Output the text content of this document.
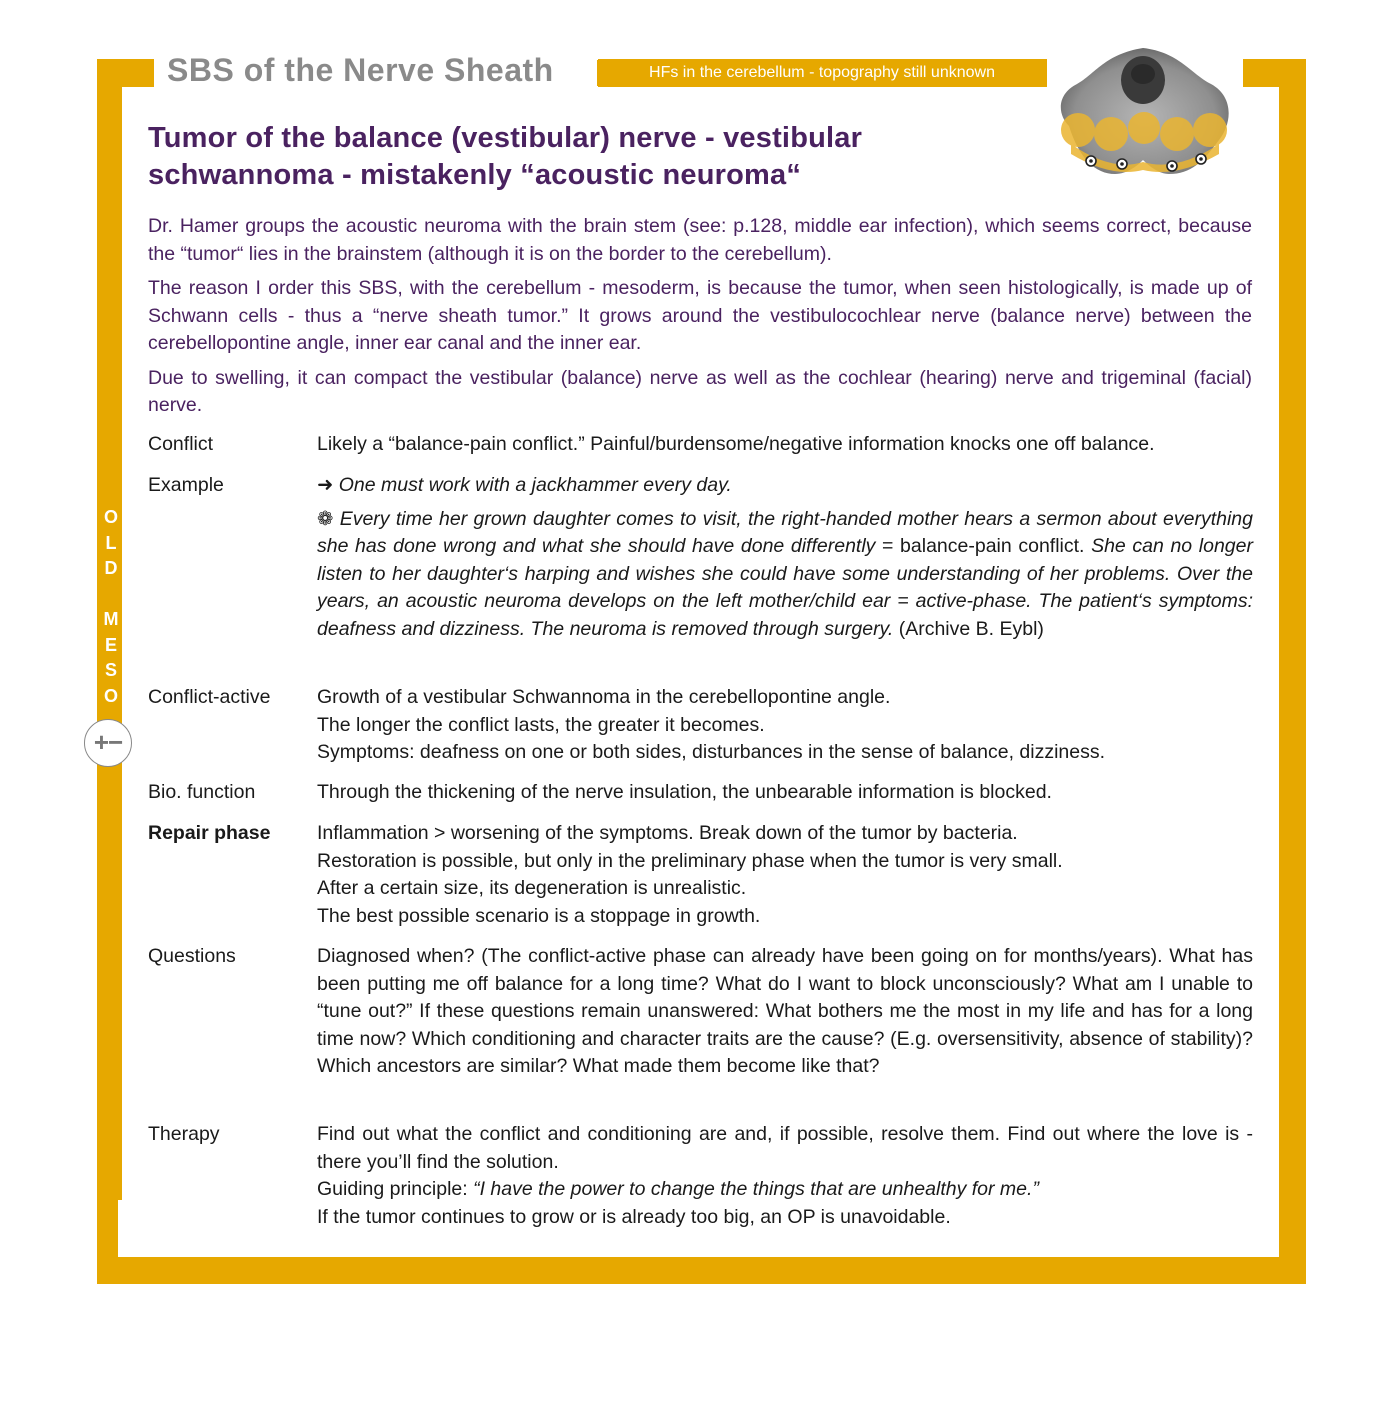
SBS of the Nerve Sheath	HFs in the cerebellum - topography still unknown
O
L
D

M
E
S
O
+−
Tumor of the balance (vestibular) nerve - vestibular schwannoma - mistakenly “acoustic neuroma“

Dr. Hamer groups the acoustic neuroma with the brain stem (see: p.128, middle ear infection), which seems correct, because the “tumor“ lies in the brainstem (although it is on the border to the cerebellum).

The reason I order this SBS, with the cerebellum - mesoderm, is because the tumor, when seen histologically, is made up of Schwann cells - thus a “nerve sheath tumor.” It grows around the vestibulocochlear nerve (balance nerve) between the cerebellopontine angle, inner ear canal and the inner ear.

Due to swelling, it can compact the vestibular (balance) nerve as well as the cochlear (hearing) nerve and trigeminal (facial) nerve.

Conflict	Likely a “balance-pain conflict.” Painful/burdensome/negative information knocks one off balance.

Example	➜ One must work with a jackhammer every day.

❁ Every time her grown daughter comes to visit, the right-handed mother hears a sermon about everything she has done wrong and what she should have done differently = balance-pain conflict. She can no longer listen to her daughter‘s harping and wishes she could have some understanding of her problems. Over the years, an acoustic neuroma develops on the left mother/child ear = active-phase. The patient‘s symptoms: deafness and dizziness. The neuroma is removed through surgery. (Archive B. Eybl)

Conflict-active	Growth of a vestibular Schwannoma in the cerebellopontine angle.

The longer the conflict lasts, the greater it becomes.

Symptoms: deafness on one or both sides, disturbances in the sense of balance, dizziness.

Bio. function	Through the thickening of the nerve insulation, the unbearable information is blocked.

Repair phase	Inflammation > worsening of the symptoms. Break down of the tumor by bacteria.

Restoration is possible, but only in the preliminary phase when the tumor is very small.

After a certain size, its degeneration is unrealistic.

The best possible scenario is a stoppage in growth.

Questions	Diagnosed when? (The conflict-active phase can already have been going on for months/years). What has been putting me off balance for a long time? What do I want to block unconsciously? What am I unable to “tune out?” If these questions remain unanswered: What bothers me the most in my life and has for a long time now? Which conditioning and character traits are the cause? (E.g. oversensitivity, absence of stability)? Which ancestors are similar? What made them become like that?

Therapy	Find out what the conflict and conditioning are and, if possible, resolve them. Find out where the love is - there you’ll find the solution.

Guiding principle: “I have the power to change the things that are unhealthy for me.”

If the tumor continues to grow or is already too big, an OP is unavoidable.
